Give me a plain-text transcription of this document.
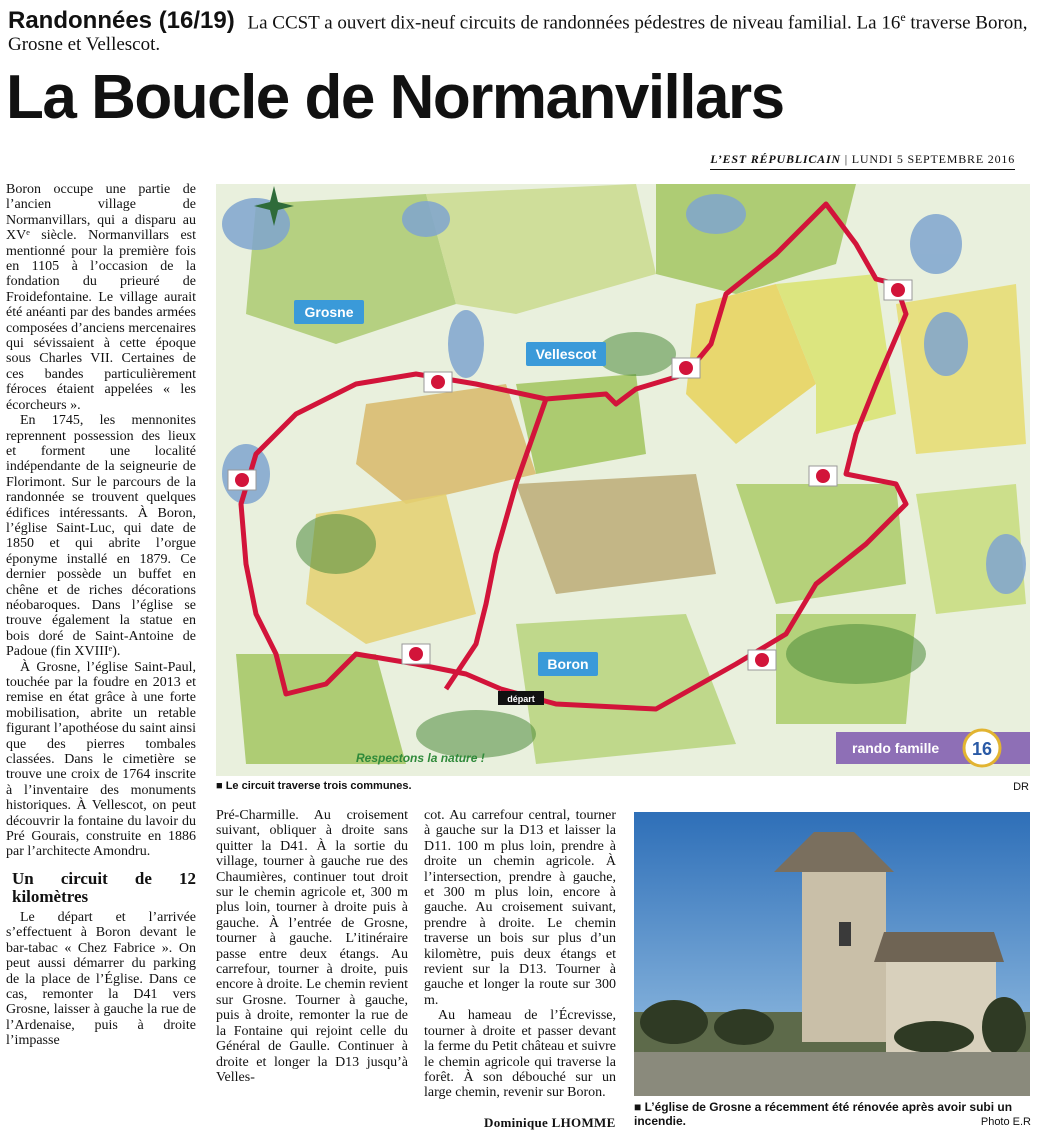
Randonnées (16/19) La CCST a ouvert dix-neuf circuits de randonnées pédestres de niveau familial. La 16e traverse Boron, Grosne et Vellescot.
La Boucle de Normanvillars
L’EST RÉPUBLICAIN | LUNDI 5 SEPTEMBRE 2016

Boron occupe une partie de l’ancien village de Normanvillars, qui a disparu au XVᵉ siècle. Normanvillars est mentionné pour la première fois en 1105 à l’occasion de la fondation du prieuré de Froidefontaine. Le village aurait été anéanti par des bandes armées composées d’anciens mercenaires qui sévissaient à cette époque sous Charles VII. Certaines de ces bandes particulièrement féroces étaient appelées « les écorcheurs ».

En 1745, les mennonites reprennent possession des lieux et forment une localité indépendante de la seigneurie de Florimont. Sur le parcours de la randonnée se trouvent quelques édifices intéressants. À Boron, l’église Saint-Luc, qui date de 1850 et qui abrite l’orgue éponyme installé en 1879. Ce dernier possède un buffet en chêne et de riches décorations néobaroques. Dans l’église se trouve également la statue en bois doré de Saint-Antoine de Padoue (fin XVIIIᵉ).

À Grosne, l’église Saint-Paul, touchée par la foudre en 2013 et remise en état grâce à une forte mobilisation, abrite un retable figurant l’apothéose du saint ainsi que des pierres tombales classées. Dans le cimetière se trouve une croix de 1764 inscrite à l’inventaire des monuments historiques. À Vellescot, on peut découvrir la fontaine du lavoir du Pré Gourais, construite en 1886 par l’architecte Amondru.

Un circuit de 12 kilomètres

Le départ et l’arrivée s’effectuent à Boron devant le bar-tabac « Chez Fabrice ». On peut aussi démarrer du parking de la place de l’Église. Dans ce cas, remonter la D41 vers Grosne, laisser à gauche la rue de l’Ardenaise, puis à droite l’impasse

Grosne
Vellescot
Boron
départ
Respectons la nature !
rando famille 16
■ Le circuit traverse trois communes.	DR

Pré-Charmille. Au croisement suivant, obliquer à droite sans quitter la D41. À la sortie du village, tourner à gauche rue des Chaumières, continuer tout droit sur le chemin agricole et, 300 m plus loin, tourner à droite puis à gauche. À l’entrée de Grosne, tourner à gauche. L’itinéraire passe entre deux étangs. Au carrefour, tourner à droite, puis encore à droite. Le chemin revient sur Grosne. Tourner à gauche, puis à droite, remonter la rue de la Fontaine qui rejoint celle du Général de Gaulle. Continuer à droite et longer la D13 jusqu’à Velles-

cot. Au carrefour central, tourner à gauche sur la D13 et laisser la D11. 100 m plus loin, prendre à droite un chemin agricole. À l’intersection, prendre à gauche, et 300 m plus loin, encore à gauche. Au croisement suivant, prendre à droite. Le chemin traverse un bois sur plus d’un kilomètre, puis deux étangs et revient sur la D13. Tourner à gauche et longer la route sur 300 m.

Au hameau de l’Écrevisse, tourner à droite et passer devant la ferme du Petit château et suivre le chemin agricole qui traverse la forêt. À son débouché sur un large chemin, revenir sur Boron.

Dominique LHOMME
■ L’église de Grosne a récemment été rénovée après avoir subi un incendie.	Photo E.R
